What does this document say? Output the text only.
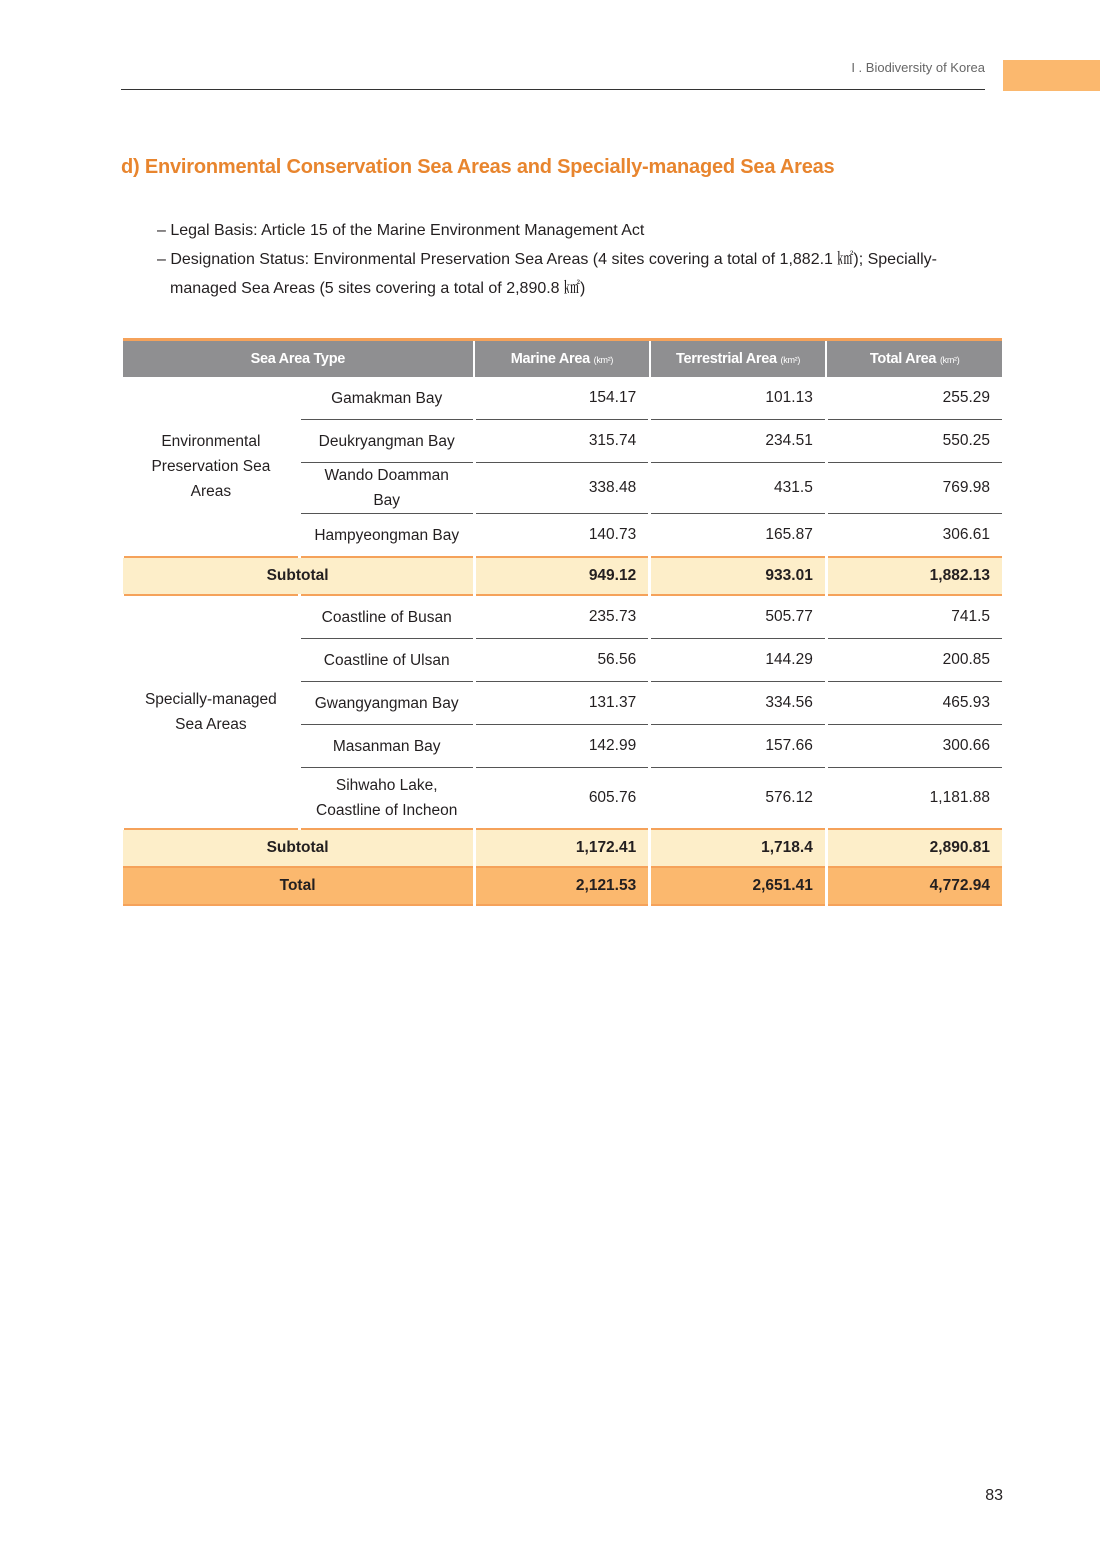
I . Biodiversity of Korea
d) Environmental Conservation Sea Areas and Specially-managed Sea Areas
– Legal Basis: Article 15 of the Marine Environment Management Act
– Designation Status: Environmental Preservation Sea Areas (4 sites covering a total of 1,882.1 ㎢); Specially-managed Sea Areas (5 sites covering a total of 2,890.8 ㎢)
Sea Area Type		Marine Area (km²)	Terrestrial Area (km²)	Total Area (km²)
Environmental Preservation Sea Areas	Gamakman Bay	154.17	101.13	255.29
	Deukryangman Bay	315.74	234.51	550.25
	Wando Doamman Bay	338.48	431.5	769.98
	Hampyeongman Bay	140.73	165.87	306.61
Subtotal		949.12	933.01	1,882.13
Specially-managed Sea Areas	Coastline of Busan	235.73	505.77	741.5
	Coastline of Ulsan	56.56	144.29	200.85
	Gwangyangman Bay	131.37	334.56	465.93
	Masanman Bay	142.99	157.66	300.66
	Sihwaho Lake, Coastline of Incheon	605.76	576.12	1,181.88
Subtotal		1,172.41	1,718.4	2,890.81
Total		2,121.53	2,651.41	4,772.94
83
